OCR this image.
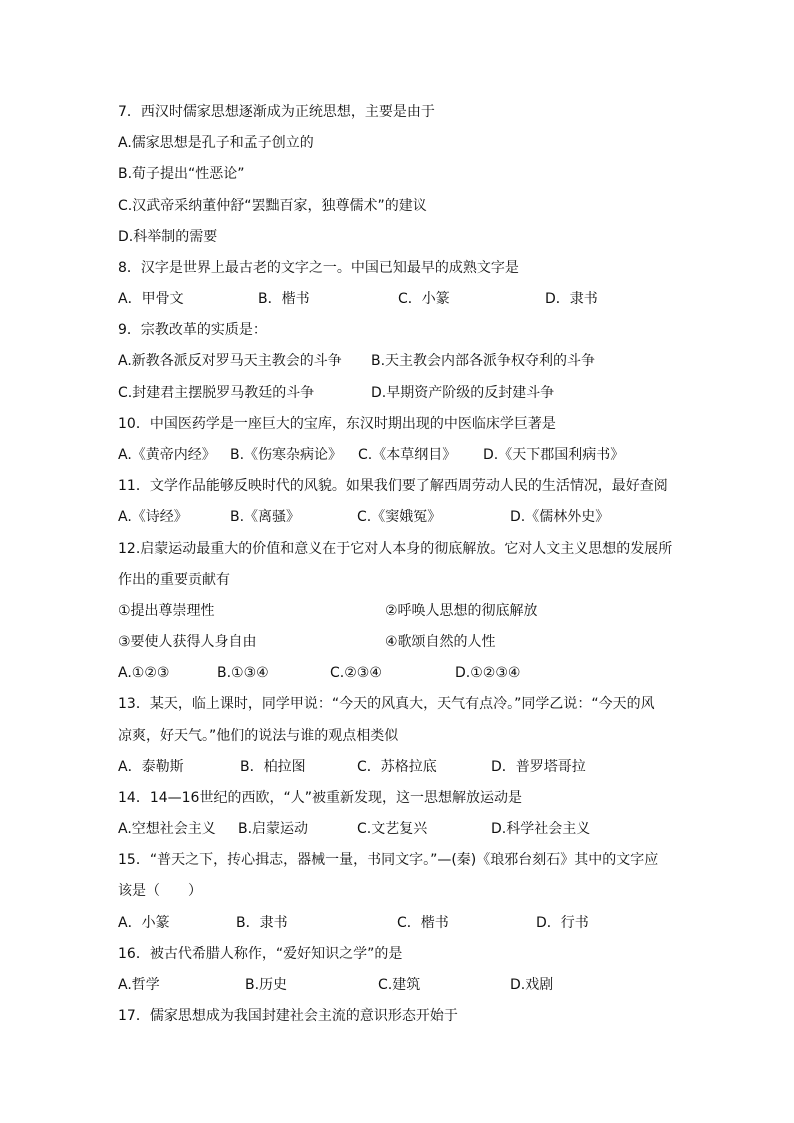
7．西汉时儒家思想逐渐成为正统思想，主要是由于

A.儒家思想是孔子和孟子创立的

B.荀子提出“性恶论”

C.汉武帝采纳董仲舒“罢黜百家，独尊儒术”的建议

D.科举制的需要

8．汉字是世界上最古老的文字之一。中国已知最早的成熟文字是

A．甲骨文	B．楷书	C．小篆	D．隶书

9．宗教改革的实质是：

A.新教各派反对罗马天主教会的斗争 B.天主教会内部各派争权夺利的斗争

C.封建君主摆脱罗马教廷的斗争	D.早期资产阶级的反封建斗争

10．中国医药学是一座巨大的宝库，东汉时期出现的中医临床学巨著是

A.《黄帝内经》 B.《伤寒杂病论》 C.《本草纲目》 D.《天下郡国利病书》

11．文学作品能够反映时代的风貌。如果我们要了解西周劳动人民的生活情况，最好查阅

A.《诗经》	B.《离骚》	C.《窦娥冤》	D.《儒林外史》

12.启蒙运动最重大的价值和意义在于它对人本身的彻底解放。它对人文主义思想的发展所

作出的重要贡献有

①提出尊崇理性	②呼唤人思想的彻底解放

③要使人获得人身自由	④歌颂自然的人性

A.①②③	B.①③④	C.②③④	D.①②③④

13．某天，临上课时，同学甲说：“今天的风真大，天气有点冷。”同学乙说：“今天的风

凉爽，好天气。”他们的说法与谁的观点相类似

A．泰勒斯	B．柏拉图	C．苏格拉底	D．普罗塔哥拉

14．14—16世纪的西欧，“人”被重新发现，这一思想解放运动是

A.空想社会主义 B.启蒙运动	C.文艺复兴	D.科学社会主义

15．“普天之下，抟心揖志，器械一量，书同文字。”—(秦)《琅邪台刻石》其中的文字应

该是（　　）

A．小篆	B．隶书	C．楷书	D．行书

16．被古代希腊人称作，“爱好知识之学”的是

A.哲学	B.历史	C.建筑	D.戏剧

17．儒家思想成为我国封建社会主流的意识形态开始于
